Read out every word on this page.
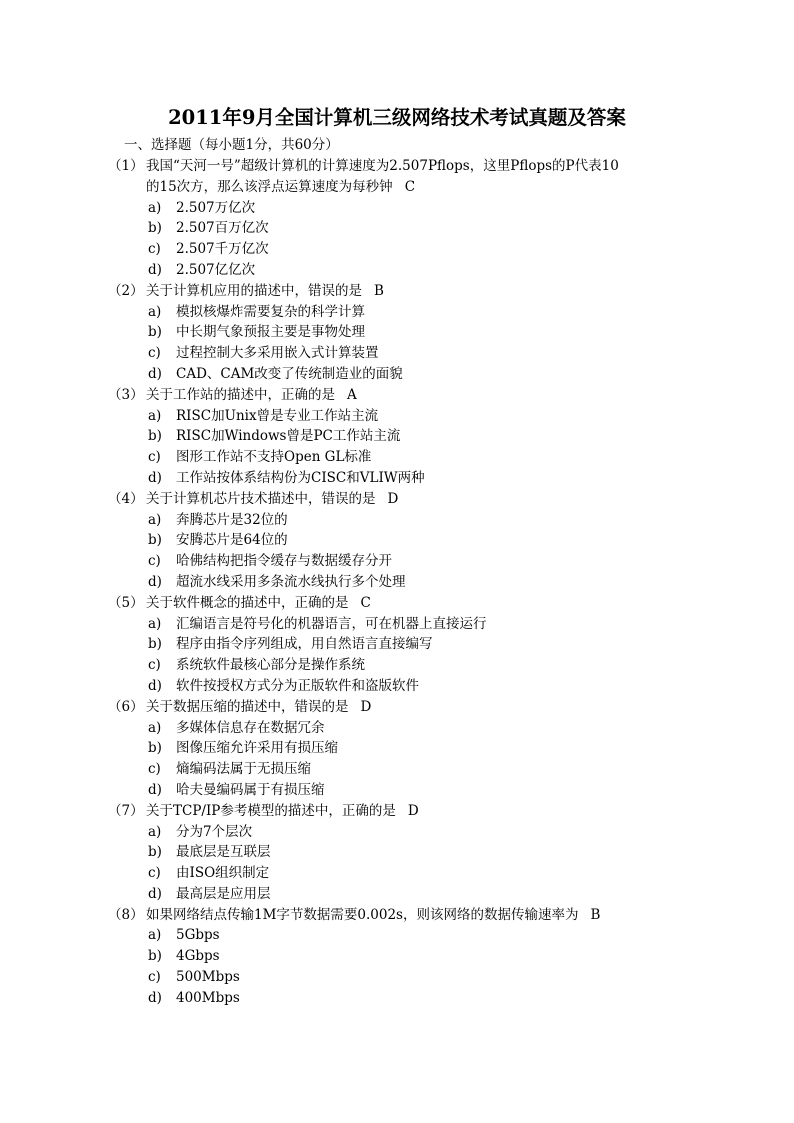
2011年9月全国计算机三级网络技术考试真题及答案
一、选择题（每小题1分，共60分）
（1） 我国“天河一号”超级计算机的计算速度为2.507Pflops，这里Pflops的P代表10
的15次方，那么该浮点运算速度为每秒钟 C
a)	2.507万亿次
b)	2.507百万亿次
c)	2.507千万亿次
d)	2.507亿亿次
（2） 关于计算机应用的描述中，错误的是 B
a)	模拟核爆炸需要复杂的科学计算
b)	中长期气象预报主要是事物处理
c)	过程控制大多采用嵌入式计算装置
d)	CAD、CAM改变了传统制造业的面貌
（3） 关于工作站的描述中，正确的是 A
a)	RISC加Unix曾是专业工作站主流
b)	RISC加Windows曾是PC工作站主流
c)	图形工作站不支持Open GL标准
d)	工作站按体系结构份为CISC和VLIW两种
（4） 关于计算机芯片技术描述中，错误的是 D
a)	奔腾芯片是32位的
b)	安腾芯片是64位的
c)	哈佛结构把指令缓存与数据缓存分开
d)	超流水线采用多条流水线执行多个处理
（5） 关于软件概念的描述中，正确的是 C
a)	汇编语言是符号化的机器语言，可在机器上直接运行
b)	程序由指令序列组成，用自然语言直接编写
c)	系统软件最核心部分是操作系统
d)	软件按授权方式分为正版软件和盗版软件
（6） 关于数据压缩的描述中，错误的是 D
a)	多媒体信息存在数据冗余
b)	图像压缩允许采用有损压缩
c)	熵编码法属于无损压缩
d)	哈夫曼编码属于有损压缩
（7） 关于TCP/IP参考模型的描述中，正确的是 D
a)	分为7个层次
b)	最底层是互联层
c)	由ISO组织制定
d)	最高层是应用层
（8） 如果网络结点传输1M字节数据需要0.002s，则该网络的数据传输速率为 B
a)	5Gbps
b)	4Gbps
c)	500Mbps
d)	400Mbps
